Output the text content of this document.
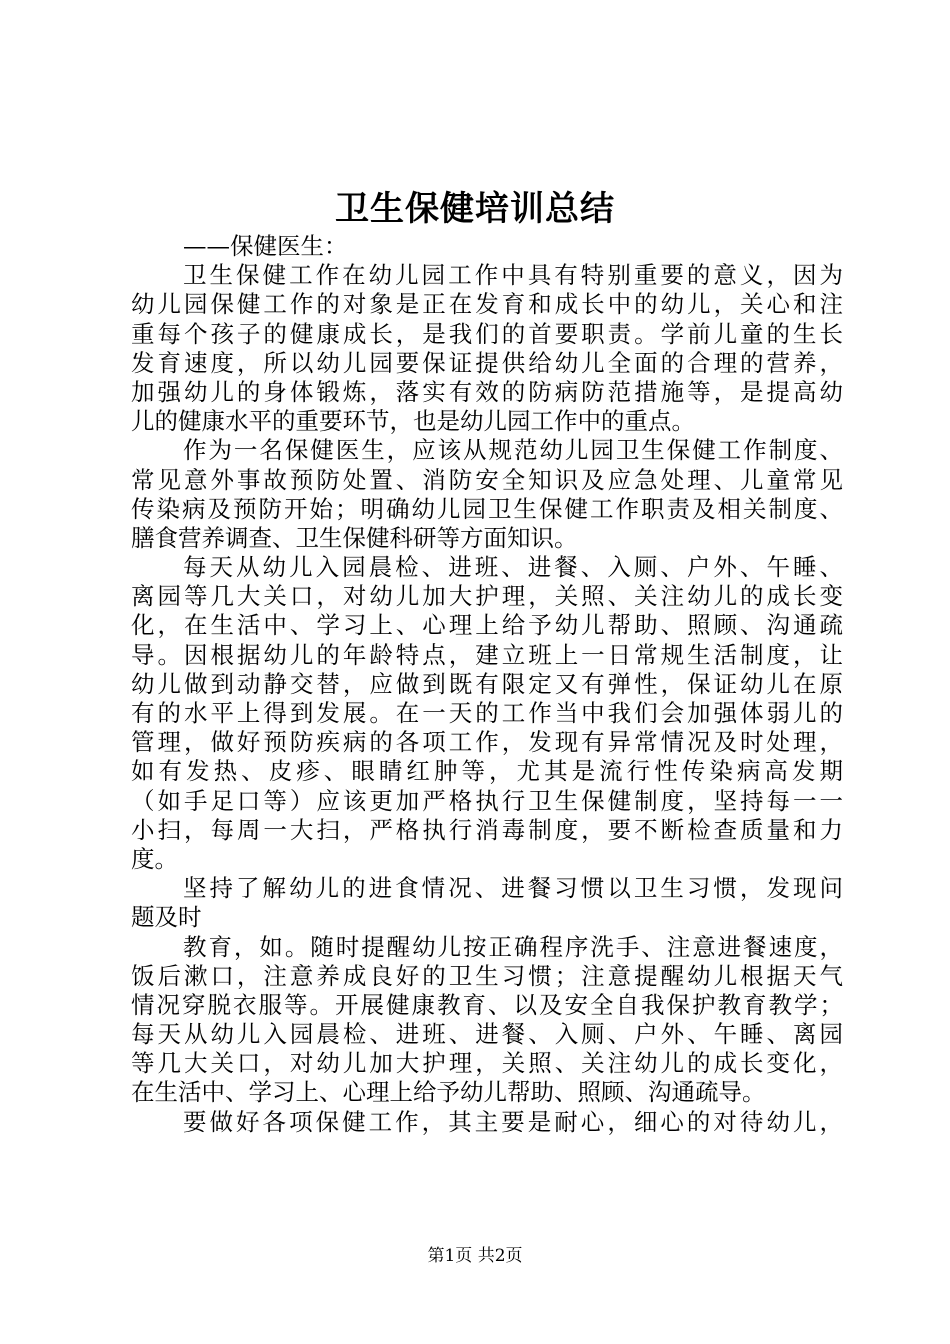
卫生保健培训总结
——保健医生：
卫生保健工作在幼儿园工作中具有特别重要的意义，因为
幼儿园保健工作的对象是正在发育和成长中的幼儿，关心和注
重每个孩子的健康成长，是我们的首要职责。学前儿童的生长
发育速度，所以幼儿园要保证提供给幼儿全面的合理的营养，
加强幼儿的身体锻炼，落实有效的防病防范措施等，是提高幼
儿的健康水平的重要环节，也是幼儿园工作中的重点。
作为一名保健医生，应该从规范幼儿园卫生保健工作制度、
常见意外事故预防处置、消防安全知识及应急处理、儿童常见
传染病及预防开始；明确幼儿园卫生保健工作职责及相关制度、
膳食营养调查、卫生保健科研等方面知识。
每天从幼儿入园晨检、进班、进餐、入厕、户外、午睡、
离园等几大关口，对幼儿加大护理，关照、关注幼儿的成长变
化，在生活中、学习上、心理上给予幼儿帮助、照顾、沟通疏
导。因根据幼儿的年龄特点，建立班上一日常规生活制度，让
幼儿做到动静交替，应做到既有限定又有弹性，保证幼儿在原
有的水平上得到发展。在一天的工作当中我们会加强体弱儿的
管理，做好预防疾病的各项工作，发现有异常情况及时处理，
如有发热、皮疹、眼睛红肿等，尤其是流行性传染病高发期
（如手足口等）应该更加严格执行卫生保健制度，坚持每一一
小扫，每周一大扫，严格执行消毒制度，要不断检查质量和力
度。
坚持了解幼儿的进食情况、进餐习惯以卫生习惯，发现问
题及时
教育，如。随时提醒幼儿按正确程序洗手、注意进餐速度，
饭后漱口，注意养成良好的卫生习惯；注意提醒幼儿根据天气
情况穿脱衣服等。开展健康教育、以及安全自我保护教育教学；
每天从幼儿入园晨检、进班、进餐、入厕、户外、午睡、离园
等几大关口，对幼儿加大护理，关照、关注幼儿的成长变化，
在生活中、学习上、心理上给予幼儿帮助、照顾、沟通疏导。
要做好各项保健工作，其主要是耐心，细心的对待幼儿，
第1页 共2页
